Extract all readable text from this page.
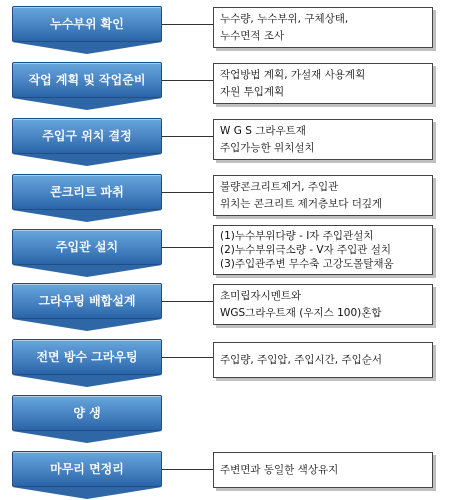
누수부위 확인	누수량, 누수부위, 구체상태,
누수면적 조사
작업 계획 및 작업준비	작업방법 계획, 가설재 사용계획
자원 투입계획
주입구 위치 결정	W G S 그라우트재
주입가능한 위치설치
콘크리트 파취	불량콘크리트제거, 주입관
위치는 콘크리트 제거층보다 더깊게
주입관 설치
(1)누수부위다량 - I자 주입관설치
(2)누수부위극소량 - V자 주입관 설치
(3)주입관주변 무수축 고강도몰탈채움
그라우팅 배합설계	초미립자시멘트와
WGS그라우트재 (우지스 100)혼합
전면 방수 그라우팅	주입량, 주입압, 주입시간, 주입순서
양 생
마무리 면정리	주변면과 동일한 색상유지
